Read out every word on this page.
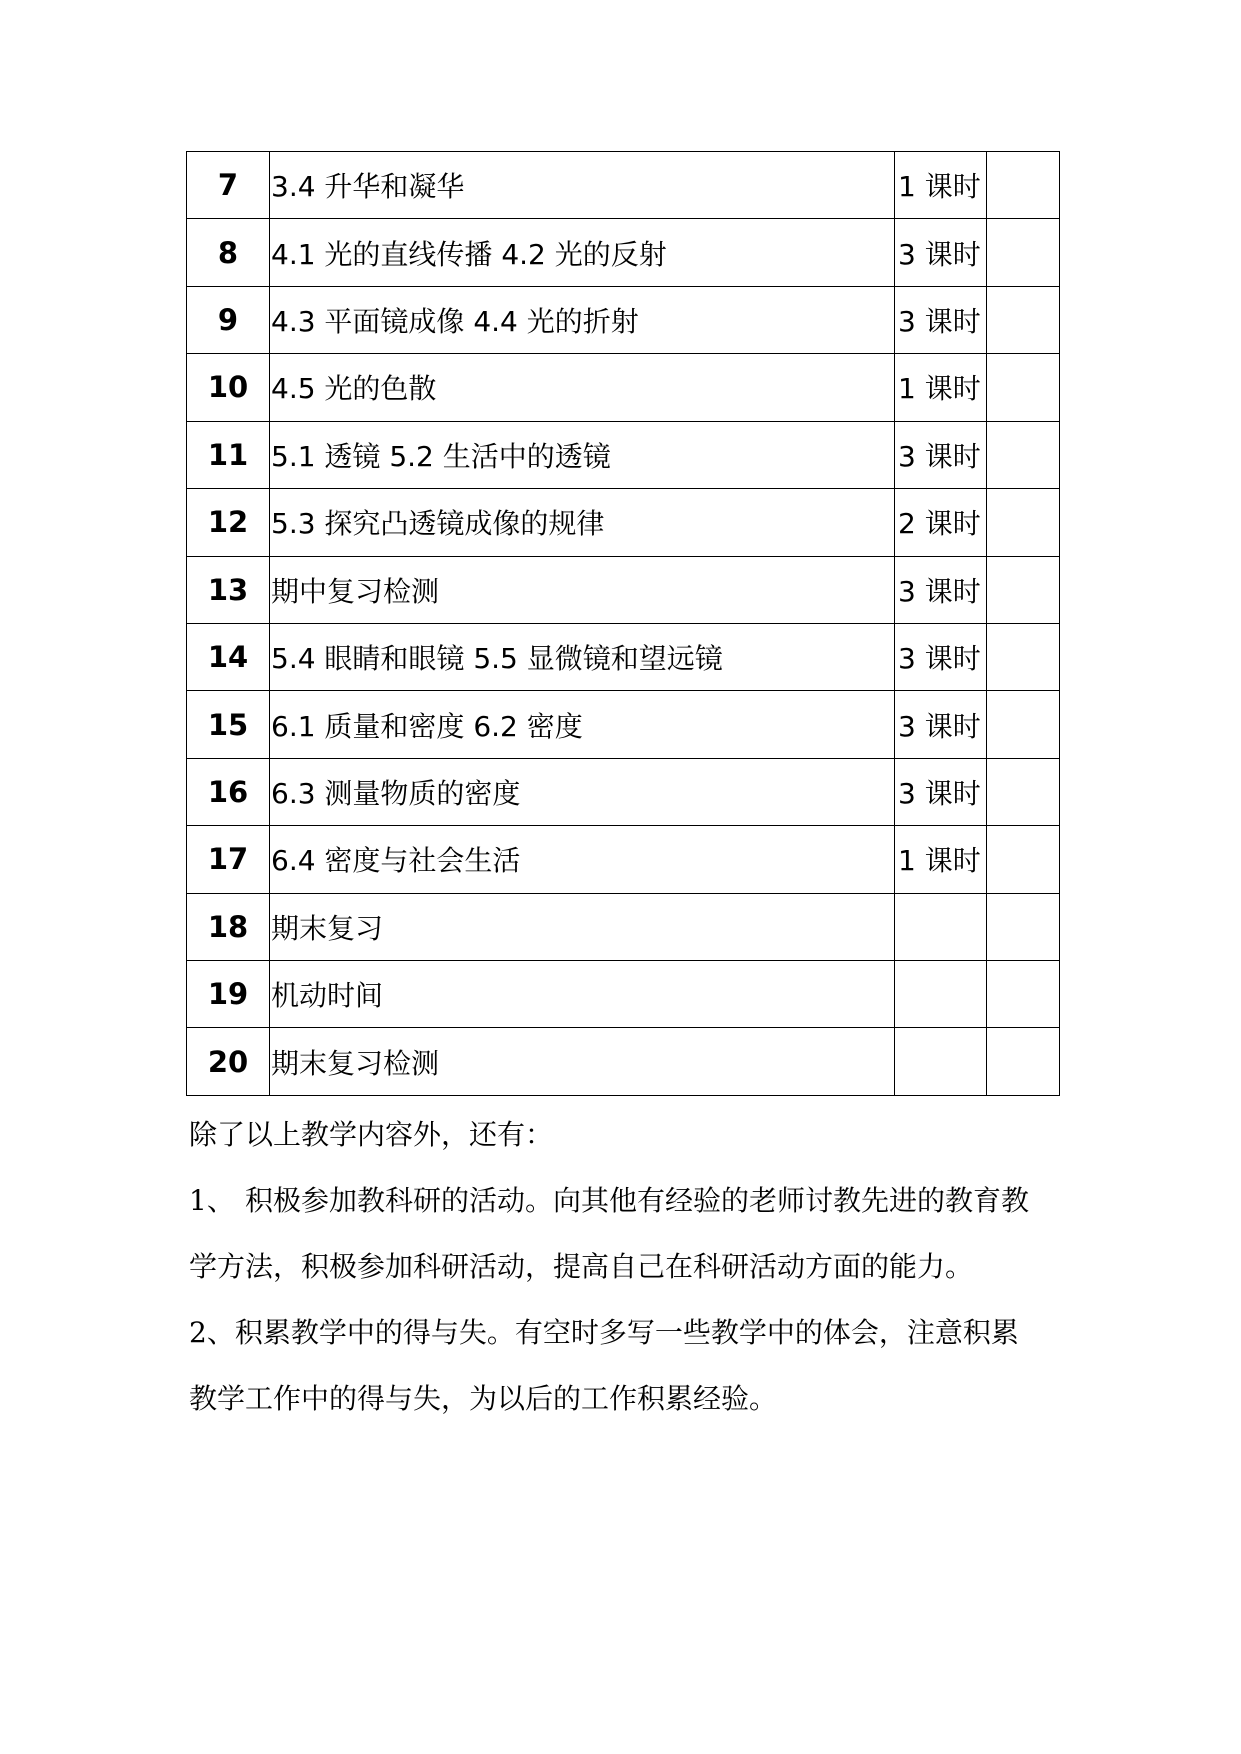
7	3.4 升华和凝华	1 课时	
8	4.1 光的直线传播 4.2 光的反射	3 课时	
9	4.3 平面镜成像 4.4 光的折射	3 课时	
10	4.5 光的色散	1 课时	
11	5.1 透镜 5.2 生活中的透镜	3 课时	
12	5.3 探究凸透镜成像的规律	2 课时	
13	期中复习检测	3 课时	
14	5.4 眼睛和眼镜 5.5 显微镜和望远镜	3 课时	
15	6.1 质量和密度 6.2 密度	3 课时	
16	6.3 测量物质的密度	3 课时	
17	6.4 密度与社会生活	1 课时	
18	期末复习		
19	机动时间		
20	期末复习检测		

除了以上教学内容外，还有：

1、 积极参加教科研的活动。向其他有经验的老师讨教先进的教育教

学方法，积极参加科研活动，提高自己在科研活动方面的能力。

2、积累教学中的得与失。有空时多写一些教学中的体会，注意积累

教学工作中的得与失，为以后的工作积累经验。
